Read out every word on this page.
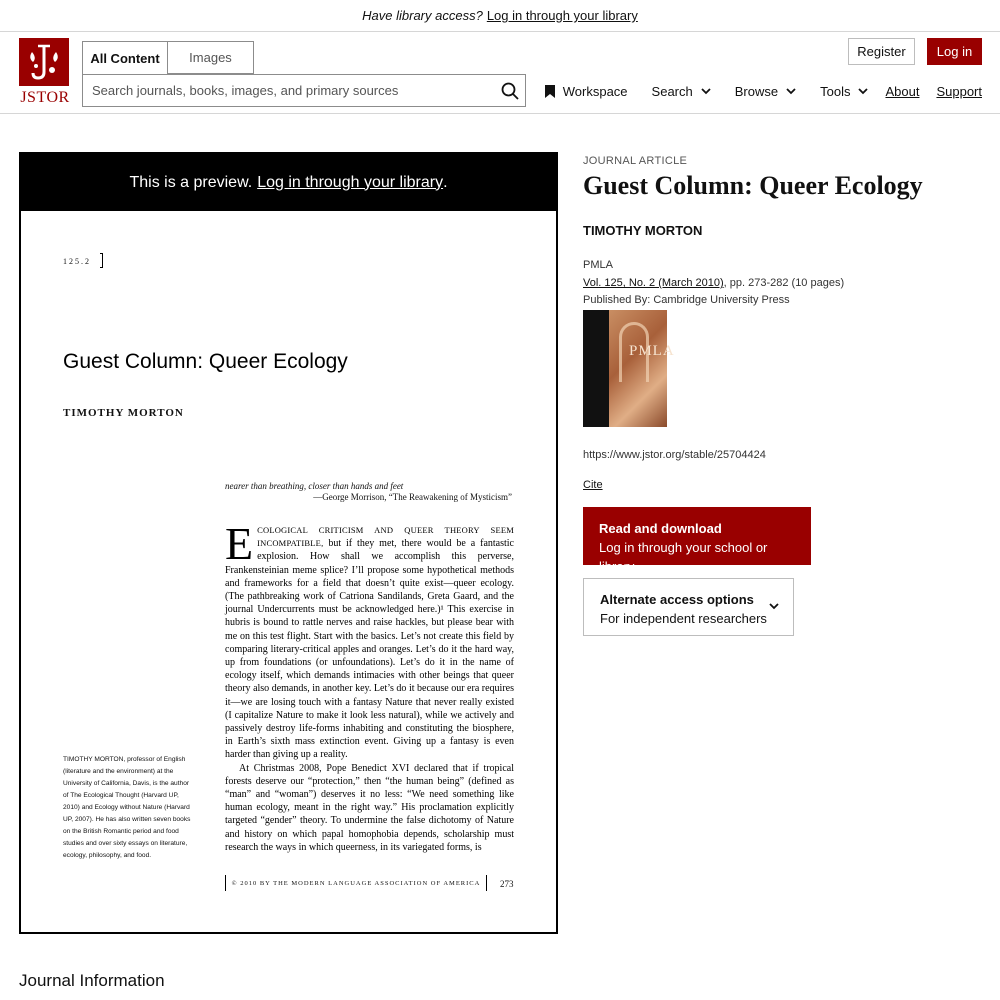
Have library access? Log in through your library
JSTOR
All Content	Images
Search journals, books, images, and primary sources	Register	Log in
Workspace Search	Browse	Tools	About Support
This is a preview. Log in through your library .
125.2
Guest Column: Queer Ecology
TIMOTHY MORTON
nearer than breathing, closer than hands and feet
—George Morrison, “The Reawakening of Mysticism”
E COLOGICAL CRITICISM AND QUEER THEORY SEEM INCOMPATIBLE, but if they met, there would be a fantastic explosion. How shall we accomplish this perverse, Frankensteinian meme splice? I’ll propose some hypothetical methods and frameworks for a field that doesn’t quite exist—queer ecology. (The pathbreaking work of Catriona Sandilands, Greta Gaard, and the journal Undercurrents must be acknowledged here.)¹ This exercise in hubris is bound to rattle nerves and raise hackles, but please bear with me on this test flight. Start with the basics. Let’s not create this field by comparing literary-critical apples and oranges. Let’s do it the hard way, up from foundations (or unfoundations). Let’s do it in the name of ecology itself, which demands intimacies with other beings that queer theory also demands, in another key. Let’s do it because our era requires it—we are losing touch with a fantasy Nature that never really existed (I capitalize Nature to make it look less natural), while we actively and passively destroy life-forms inhabiting and constituting the biosphere, in Earth’s sixth mass extinction event. Giving up a fantasy is even harder than giving up a reality.

At Christmas 2008, Pope Benedict XVI declared that if tropical forests deserve our “protection,” then “the human being” (defined as “man” and “woman”) deserves it no less: “We need something like human ecology, meant in the right way.” His proclamation explicitly targeted “gender” theory. To undermine the false dichotomy of Nature and history on which papal homophobia depends, scholarship must research the ways in which queerness, in its variegated forms, is

TIMOTHY MORTON, professor of English (literature and the environment) at the University of California, Davis, is the author of The Ecological Thought (Harvard UP, 2010) and Ecology without Nature (Harvard UP, 2007). He has also written seven books on the British Romantic period and food studies and over sixty essays on literature, ecology, philosophy, and food.
© 2010 BY THE MODERN LANGUAGE ASSOCIATION OF AMERICA	273
JOURNAL ARTICLE
Guest Column: Queer Ecology
TIMOTHY MORTON
PMLA
Vol. 125, No. 2 (March 2010), pp. 273-282 (10 pages)
Published By: Cambridge University Press
PMLA
https://www.jstor.org/stable/25704424
Cite
Read and download
Log in through your school or library
Alternate access options
For independent researchers
Journal Information
